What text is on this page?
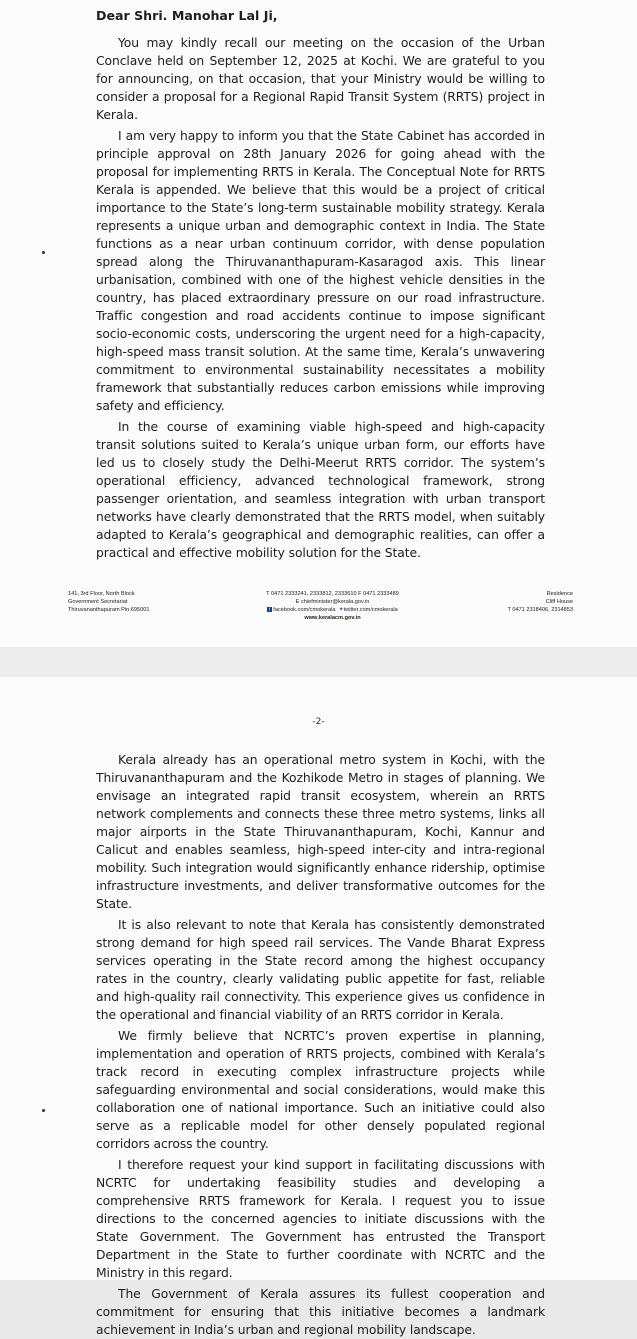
Dear Shri. Manohar Lal Ji,

You may kindly recall our meeting on the occasion of the Urban Conclave held on September 12, 2025 at Kochi. We are grateful to you for announcing, on that occasion, that your Ministry would be willing to consider a proposal for a Regional Rapid Transit System (RRTS) project in Kerala.

I am very happy to inform you that the State Cabinet has accorded in principle approval on 28th January 2026 for going ahead with the proposal for implementing RRTS in Kerala. The Conceptual Note for RRTS Kerala is appended. We believe that this would be a project of critical importance to the State’s long-term sustainable mobility strategy. Kerala represents a unique urban and demographic context in India. The State functions as a near urban continuum corridor, with dense population spread along the Thiruvananthapuram-Kasaragod axis. This linear urbanisation, combined with one of the highest vehicle densities in the country, has placed extraordinary pressure on our road infrastructure. Traffic congestion and road accidents continue to impose significant socio-economic costs, underscoring the urgent need for a high-capacity, high-speed mass transit solution. At the same time, Kerala’s unwavering commitment to environmental sustainability necessitates a mobility framework that substantially reduces carbon emissions while improving safety and efficiency.

In the course of examining viable high-speed and high-capacity transit solutions suited to Kerala’s unique urban form, our efforts have led us to closely study the Delhi-Meerut RRTS corridor. The system’s operational efficiency, advanced technological framework, strong passenger orientation, and seamless integration with urban transport networks have clearly demonstrated that the RRTS model, when suitably adapted to Kerala’s geographical and demographic realities, can offer a practical and effective mobility solution for the State.

141, 3rd Floor, North Block
Government Secretariat
Thiruvananthapuram Pin 695001
T 0471 2333241, 2333812, 2333610 F 0471 2333489
E chiefminister@kerala.gov.in
f facebook.com/cmokerala ✦twitter.com/cmokerala
www.keralacm.gov.in
Residence
Cliff House
T 0471 2318406, 2314853
-2-

Kerala already has an operational metro system in Kochi, with the Thiruvananthapuram and the Kozhikode Metro in stages of planning. We envisage an integrated rapid transit ecosystem, wherein an RRTS network complements and connects these three metro systems, links all major airports in the State Thiruvananthapuram, Kochi, Kannur and Calicut and enables seamless, high-speed inter-city and intra-regional mobility. Such integration would significantly enhance ridership, optimise infrastructure investments, and deliver transformative outcomes for the State.

It is also relevant to note that Kerala has consistently demonstrated strong demand for high speed rail services. The Vande Bharat Express services operating in the State record among the highest occupancy rates in the country, clearly validating public appetite for fast, reliable and high-quality rail connectivity. This experience gives us confidence in the operational and financial viability of an RRTS corridor in Kerala.

We firmly believe that NCRTC’s proven expertise in planning, implementation and operation of RRTS projects, combined with Kerala’s track record in executing complex infrastructure projects while safeguarding environmental and social considerations, would make this collaboration one of national importance. Such an initiative could also serve as a replicable model for other densely populated regional corridors across the country.

I therefore request your kind support in facilitating discussions with NCRTC for undertaking feasibility studies and developing a comprehensive RRTS framework for Kerala. I request you to issue directions to the concerned agencies to initiate discussions with the State Government. The Government has entrusted the Transport Department in the State to further coordinate with NCRTC and the Ministry in this regard.

The Government of Kerala assures its fullest cooperation and commitment for ensuring that this initiative becomes a landmark achievement in India’s urban and regional mobility landscape.
